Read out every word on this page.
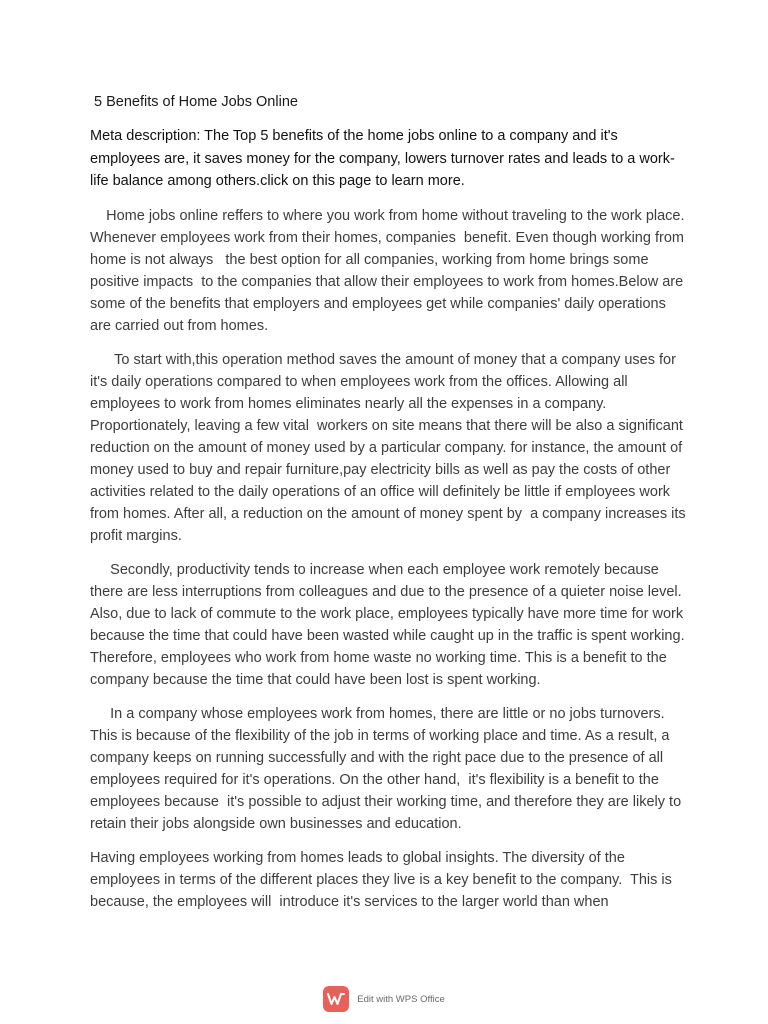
5 Benefits of Home Jobs Online
Meta description: The Top 5 benefits of the home jobs online to a company and it's employees are, it saves money for the company, lowers turnover rates and leads to a work-life balance among others.click on this page to learn more.
Home jobs online reffers to where you work from home without traveling to the work place. Whenever employees work from their homes, companies  benefit. Even though working from home is not always   the best option for all companies, working from home brings some positive impacts  to the companies that allow their employees to work from homes.Below are some of the benefits that employers and employees get while companies' daily operations are carried out from homes.
To start with,this operation method saves the amount of money that a company uses for it's daily operations compared to when employees work from the offices. Allowing all employees to work from homes eliminates nearly all the expenses in a company. Proportionately, leaving a few vital  workers on site means that there will be also a significant reduction on the amount of money used by a particular company. for instance, the amount of money used to buy and repair furniture,pay electricity bills as well as pay the costs of other activities related to the daily operations of an office will definitely be little if employees work from homes. After all, a reduction on the amount of money spent by  a company increases its profit margins.
Secondly, productivity tends to increase when each employee work remotely because there are less interruptions from colleagues and due to the presence of a quieter noise level. Also, due to lack of commute to the work place, employees typically have more time for work because the time that could have been wasted while caught up in the traffic is spent working. Therefore, employees who work from home waste no working time. This is a benefit to the company because the time that could have been lost is spent working.
In a company whose employees work from homes, there are little or no jobs turnovers. This is because of the flexibility of the job in terms of working place and time. As a result, a company keeps on running successfully and with the right pace due to the presence of all employees required for it's operations. On the other hand,  it's flexibility is a benefit to the employees because  it's possible to adjust their working time, and therefore they are likely to  retain their jobs alongside own businesses and education.
Having employees working from homes leads to global insights. The diversity of the employees in terms of the different places they live is a key benefit to the company.  This is because, the employees will  introduce it's services to the larger world than when
Edit with WPS Office
